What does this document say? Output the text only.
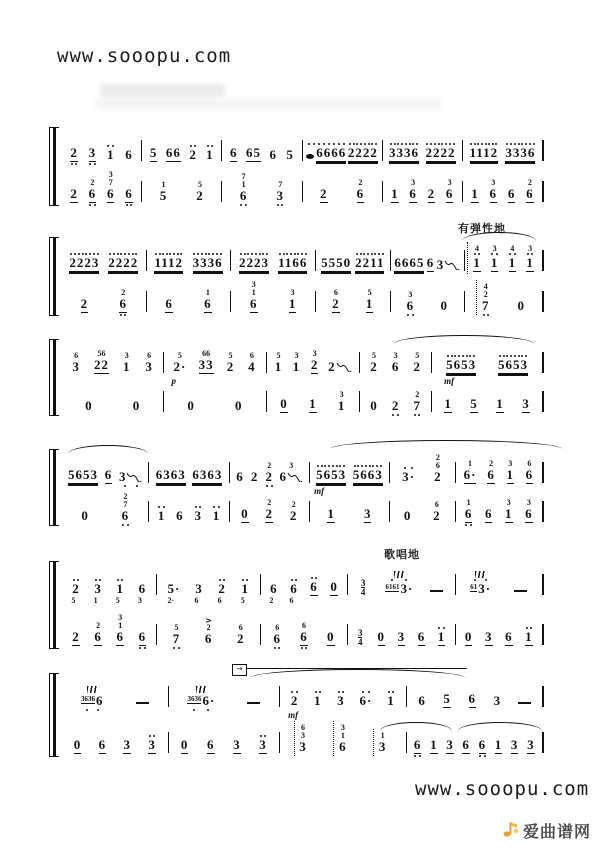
www.sooopu.com
2 3 1 6 5 66 2 1 6 65 6 5 6666 2222 3336 2222 1112 3336
2
2
6
3
7
6 6
1
5
5
2
7
1
6
7
3	2
2
6 1
3
6 2
3
6 1
3
6 6
2
6
有弹性地
2223 2222 1112 3336 2223 1166 5550 2211 6665 6 3
4
1
3
1
4
1
3
1
2
2
6	6
1
6
3
1
6
3
1
6
2
5
1
3
6 0
4
2
7 0
6
3
56
22
3
1
6
3
5
2·
p
66
33
5
2
6
4
5
1
3
1
3
2 2
5
2
3
6
5
2 5653
mf
5653
0	0	0	0	0 1
3
1 0 2
2
7 1 5 1 3
5653 6 3 6363 6363 6 2
2
2
3
6 5653
mf
5663 3·
2
6
2
1
6·
2
6
3
1
6
6
0
2
7
6 1 6 3 1 0
2
2
2
2 1 3 0
6
2
1
6 6
3
1
3
6
歌唱地
2
5
3
1
1
5
6
3
5·
2·
3
6
2
6
1
5
6
2
6
6
6 0	3
4	6161 3·	61 3·
2
2
6
3
1
6 6
5
7
>
2
6
6
2
6
6
6
6 0	3
4 0 3 6 1 0 3 6 1
→
3636 6	3636 6·	2
mf
1 3 6· 1 6 5 6 3
0 6 3 3 0 6 3 3
6
3
3
3
1
6
1
3 6 1 3 6 6 1 3 3
www.sooopu.com
爱曲谱网
